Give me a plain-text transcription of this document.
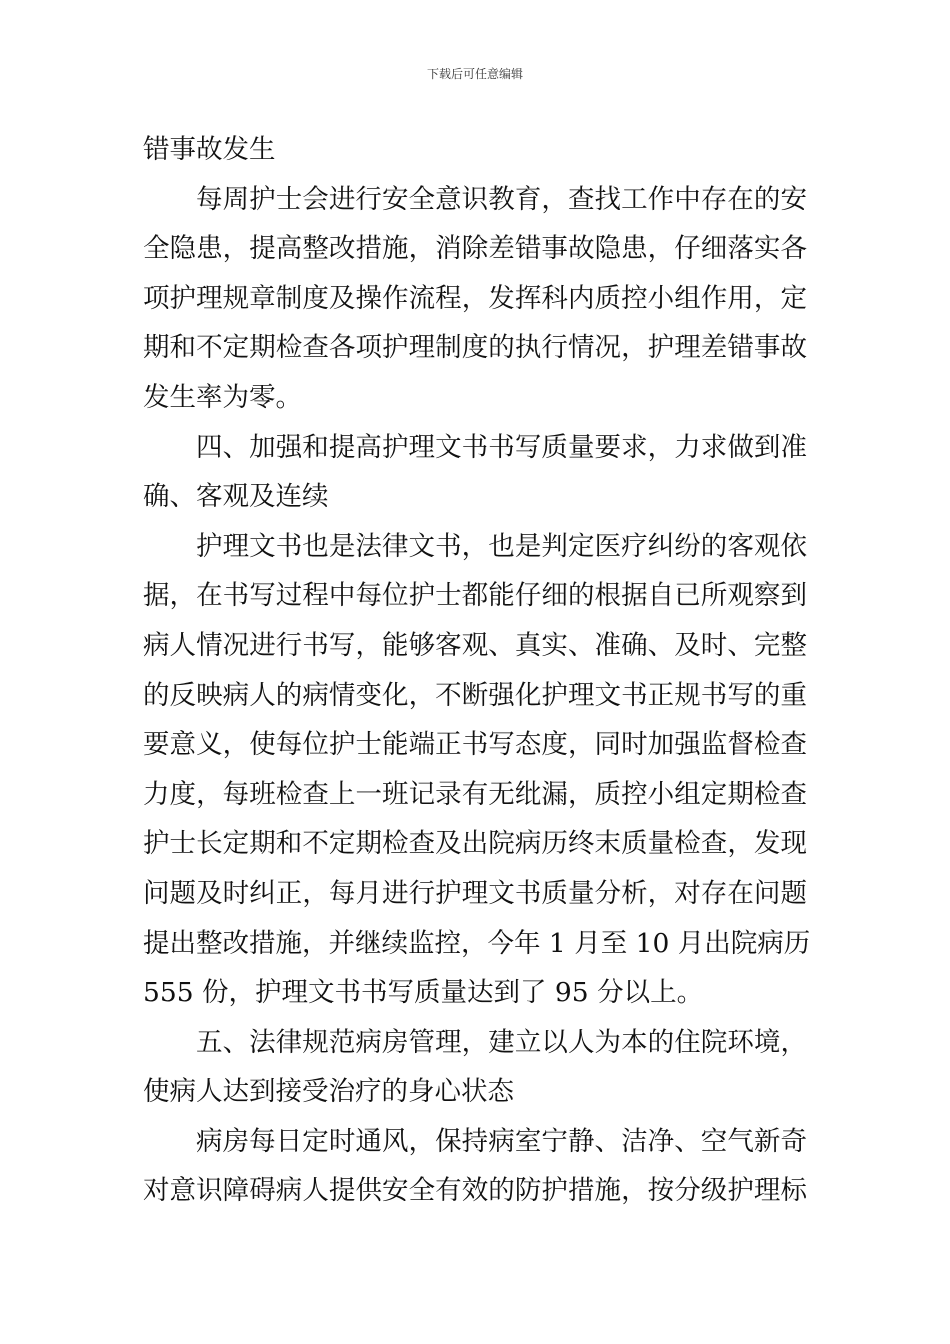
下载后可任意编辑
错事故发生
每周护士会进行安全意识教育，查找工作中存在的安
全隐患，提高整改措施，消除差错事故隐患，仔细落实各
项护理规章制度及操作流程，发挥科内质控小组作用，定
期和不定期检查各项护理制度的执行情况，护理差错事故
发生率为零。
四、加强和提高护理文书书写质量要求，力求做到准
确、客观及连续
护理文书也是法律文书，也是判定医疗纠纷的客观依
据，在书写过程中每位护士都能仔细的根据自已所观察到
病人情况进行书写，能够客观、真实、准确、及时、完整
的反映病人的病情变化，不断强化护理文书正规书写的重
要意义，使每位护士能端正书写态度，同时加强监督检查
力度，每班检查上一班记录有无纰漏，质控小组定期检查
护士长定期和不定期检查及出院病历终末质量检查，发现
问题及时纠正，每月进行护理文书质量分析，对存在问题
提出整改措施，并继续监控，今年 1 月至 10 月出院病历
555 份，护理文书书写质量达到了 95 分以上。
五、法律规范病房管理，建立以人为本的住院环境，
使病人达到接受治疗的身心状态
病房每日定时通风，保持病室宁静、洁净、空气新奇
对意识障碍病人提供安全有效的防护措施，按分级护理标
